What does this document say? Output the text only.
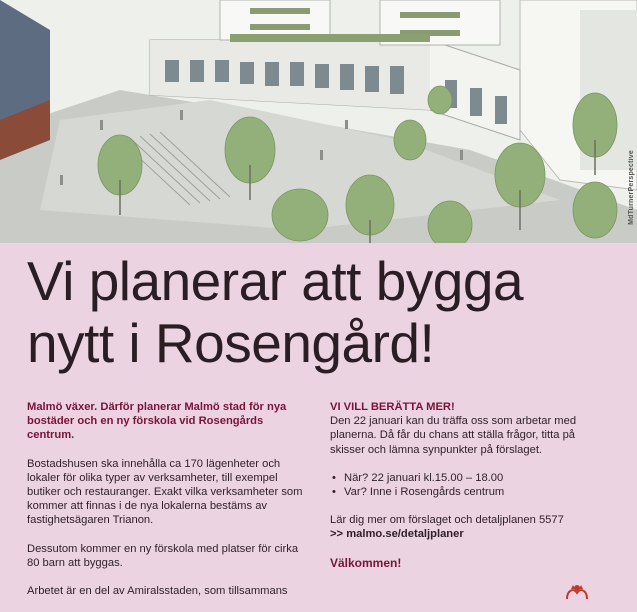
MdTurnerPerspective
Vi planerar att bygga
nytt i Rosengård!

Malmö växer. Därför planerar Malmö stad för nya bostäder och en ny förskola vid Rosengårds centrum.

Bostadshusen ska innehålla ca 170 lägenheter och lokaler för olika typer av verksamheter, till exempel butiker och restauranger. Exakt vilka verksamheter som kommer att finnas i de nya lokalerna bestäms av fastighetsägaren Trianon.

Dessutom kommer en ny förskola med platser för cirka 80 barn att byggas.

Arbetet är en del av Amiralsstaden, som tillsammans

VI VILL BERÄTTA MER!

Den 22 januari kan du träffa oss som arbetar med planerna. Då får du chans att ställa frågor, titta på skisser och lämna synpunkter på förslaget.

• När? 22 januari kl.15.00 – 18.00
• Var? Inne i Rosengårds centrum

Lär dig mer om förslaget och detaljplanen 5577

>> malmo.se/detaljplaner

Välkommen!
